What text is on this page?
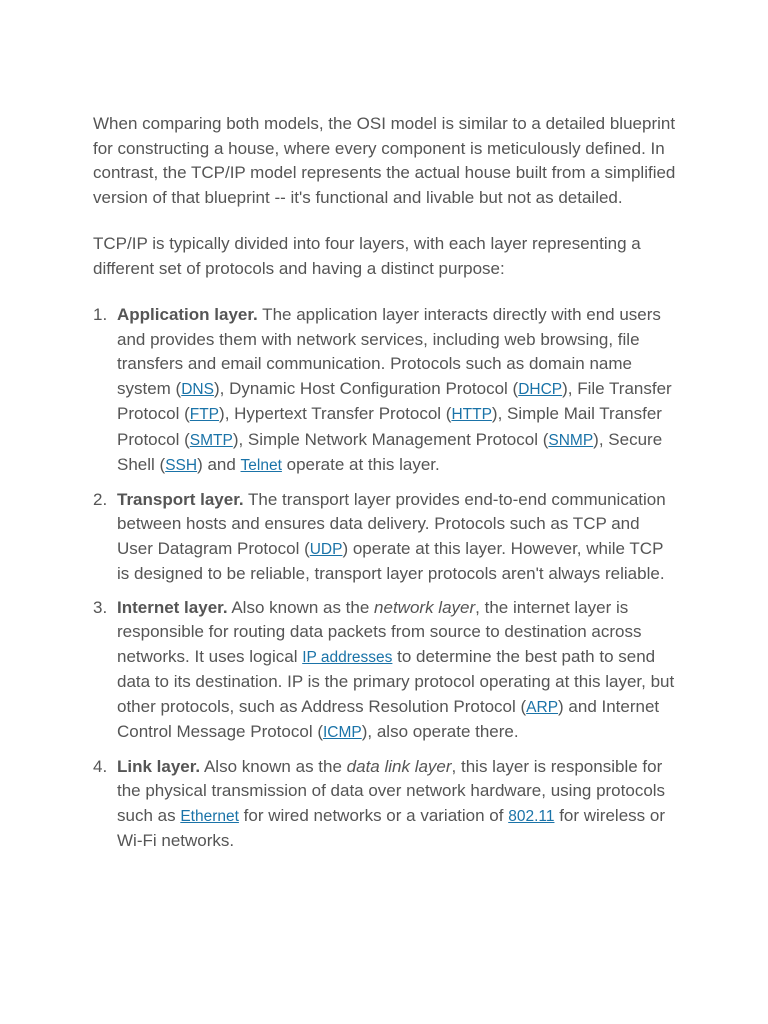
When comparing both models, the OSI model is similar to a detailed blueprint for constructing a house, where every component is meticulously defined. In contrast, the TCP/IP model represents the actual house built from a simplified version of that blueprint -- it's functional and livable but not as detailed.

TCP/IP is typically divided into four layers, with each layer representing a different set of protocols and having a distinct purpose:

1. Application layer. The application layer interacts directly with end users and provides them with network services, including web browsing, file transfers and email communication. Protocols such as domain name system (DNS), Dynamic Host Configuration Protocol (DHCP), File Transfer Protocol (FTP), Hypertext Transfer Protocol (HTTP), Simple Mail Transfer Protocol (SMTP), Simple Network Management Protocol (SNMP), Secure Shell (SSH) and Telnet operate at this layer.
2. Transport layer. The transport layer provides end-to-end communication between hosts and ensures data delivery. Protocols such as TCP and User Datagram Protocol (UDP) operate at this layer. However, while TCP is designed to be reliable, transport layer protocols aren't always reliable.
3. Internet layer. Also known as the network layer, the internet layer is responsible for routing data packets from source to destination across networks. It uses logical IP addresses to determine the best path to send data to its destination. IP is the primary protocol operating at this layer, but other protocols, such as Address Resolution Protocol (ARP) and Internet Control Message Protocol (ICMP), also operate there.
4. Link layer. Also known as the data link layer, this layer is responsible for the physical transmission of data over network hardware, using protocols such as Ethernet for wired networks or a variation of 802.11 for wireless or Wi-Fi networks.
